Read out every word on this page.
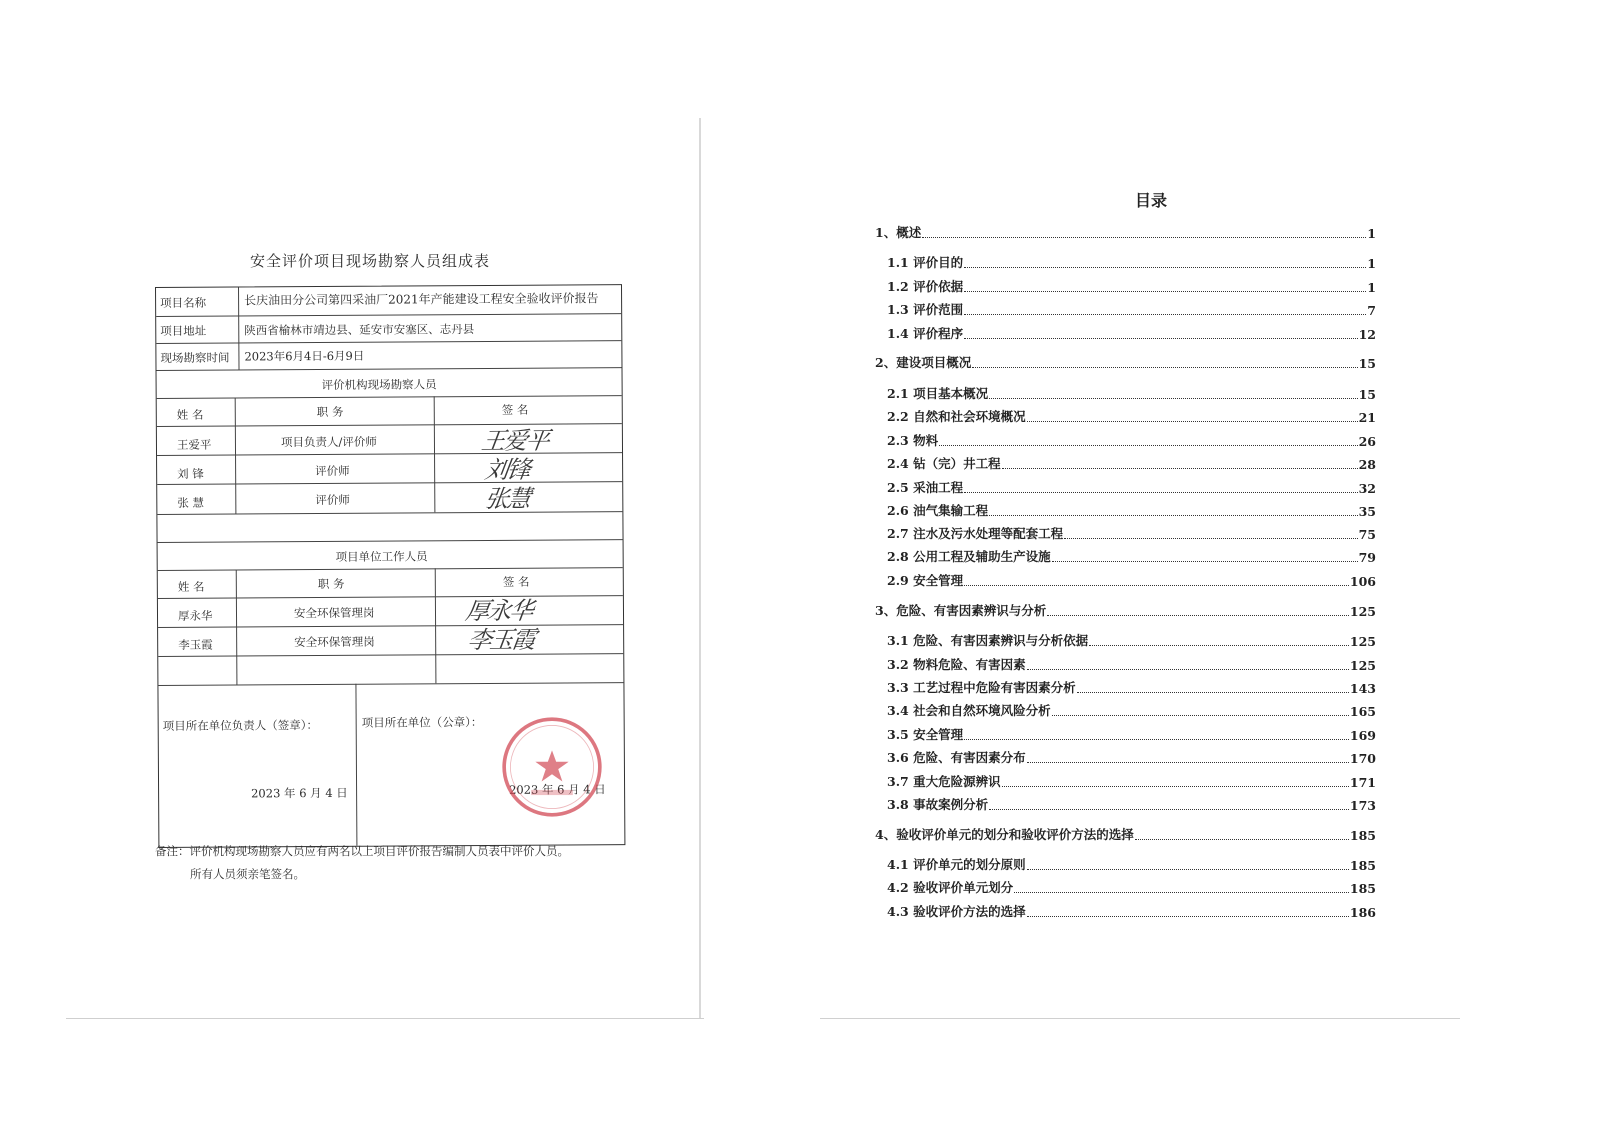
安全评价项目现场勘察人员组成表
项目名称	长庆油田分公司第四采油厂2021年产能建设工程安全验收评价报告
项目地址	陕西省榆林市靖边县、延安市安塞区、志丹县
现场勘察时间 2023年6月4日-6月9日
评价机构现场勘察人员
姓 名	职 务	签 名
王爱平	项目负责人/评价师	王爱平
刘 锋	评价师	刘锋
张 慧	评价师	张慧
项目单位工作人员
姓 名	职 务	签 名
厚永华	安全环保管理岗	厚永华
李玉霞	安全环保管理岗	李玉霞
项目所在单位负责人（签章）：
2023 年 6 月 4 日
项目所在单位（公章）：
2023 年 6 月 4 日
备注：评价机构现场勘察人员应有两名以上项目评价报告编制人员表中评价人员。
所有人员须亲笔签名。
目录
1、概述	1
1.1 评价目的	1
1.2 评价依据	1
1.3 评价范围	7
1.4 评价程序	12
2、建设项目概况	15
2.1 项目基本概况	15
2.2 自然和社会环境概况	21
2.3 物料	26
2.4 钻（完）井工程	28
2.5 采油工程	32
2.6 油气集输工程	35
2.7 注水及污水处理等配套工程	75
2.8 公用工程及辅助生产设施	79
2.9 安全管理	106
3、危险、有害因素辨识与分析	125
3.1 危险、有害因素辨识与分析依据	125
3.2 物料危险、有害因素	125
3.3 工艺过程中危险有害因素分析	143
3.4 社会和自然环境风险分析	165
3.5 安全管理	169
3.6 危险、有害因素分布	170
3.7 重大危险源辨识	171
3.8 事故案例分析	173
4、验收评价单元的划分和验收评价方法的选择	185
4.1 评价单元的划分原则	185
4.2 验收评价单元划分	185
4.3 验收评价方法的选择	186
